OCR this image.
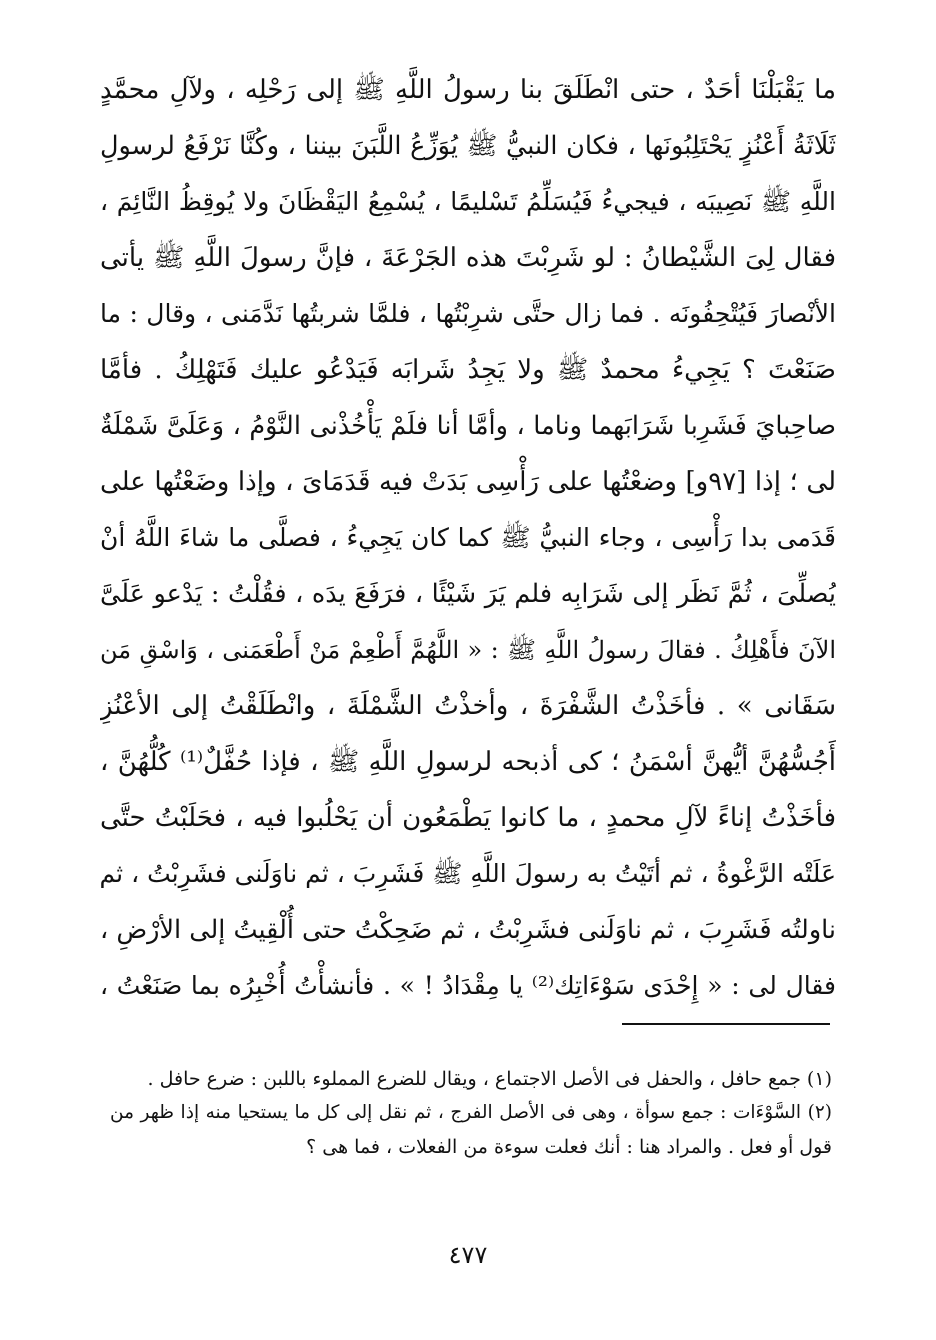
ما يَقْبَلْنَا أحَدٌ ، حتى انْطَلَقَ بنا رسولُ اللَّهِ ﷺ إلى رَحْلِه ، ولآلِ محمَّدٍ
ثَلَاثَةُ أَعْنُزٍ يَحْتَلِبُونَها ، فكان النبيُّ ﷺ يُوَزِّعُ اللَّبَنَ بيننا ، وكُنَّا نَرْفَعُ لرسولِ
اللَّهِ ﷺ نَصِيبَه ، فيجيءُ فَيُسَلِّمُ تَسْليمًا ، يُسْمِعُ اليَقْظَانَ ولا يُوقِظُ النَّائِمَ ،
فقال لِىَ الشَّيْطانُ : لو شَرِبْتَ هذه الجَرْعَةَ ، فإنَّ رسولَ اللَّهِ ﷺ يأتى
الأنْصارَ فَيُتْحِفُونَه . فما زال حتَّى شرِبْتُها ، فلمَّا شربتُها نَدَّمَنى ، وقال : ما
صَنَعْتَ ؟ يَجِيءُ محمدٌ ﷺ ولا يَجِدُ شَرابَه فَيَدْعُو عليك فَتَهْلِكُ . فأمَّا
صاحِبايَ فَشَرِبا شَرَابَهما وناما ، وأمَّا أنا فلَمْ يَأْخُذْنى النَّوْمُ ، وَعَلَىَّ شَمْلَةٌ
لى ؛ إذا [٩٧و] وضعْتُها على رَأْسِى بَدَتْ فيه قَدَمَاىَ ، وإذا وضَعْتُها على
قَدَمى بدا رَأْسِى ، وجاء النبيُّ ﷺ كما كان يَجِيءُ ، فصلَّى ما شاءَ اللَّهُ أنْ
يُصلِّىَ ، ثُمَّ نَظَر إلى شَرَابِه فلم يَرَ شَيْئًا ، فرَفَعَ يدَه ، فقُلْتُ : يَدْعو عَلَىَّ
الآنَ فأَهْلِكُ . فقالَ رسولُ اللَّهِ ﷺ : « اللَّهُمَّ أَطْعِمْ مَنْ أَطْعَمَنى ، وَاسْقِ مَن
سَقَانى » . فأخَذْتُ الشَّفْرَةَ ، وأخذْتُ الشَّمْلَةَ ، وانْطَلَقْتُ إلى الأعْنُزِ
أَجُسُّهُنَّ أيُّهنَّ أسْمَنُ ؛ كى أذبحه لرسولِ اللَّهِ ﷺ ، فإذا حُفَّلٌ⁽¹⁾ كُلُّهُنَّ ،
فأخَذْتُ إناءً لآلِ محمدٍ ، ما كانوا يَطْمَعُون أن يَحْلُبوا فيه ، فحَلَبْتُ حتَّى
عَلَتْه الرَّغْوةُ ، ثم أتَيْتُ به رسولَ اللَّهِ ﷺ فَشَرِبَ ، ثم ناوَلَنى فشَرِبْتُ ، ثم
ناولتُه فَشَرِبَ ، ثم ناوَلَنى فشَرِبْتُ ، ثم ضَحِكْتُ حتى أُلْقِيتُ إلى الأرْضِ ،
فقال لى : « إِحْدَى سَوْءَاتِك⁽²⁾ يا مِقْدَادُ ! » . فأنشأْتُ أُخْبِرُه بما صَنَعْتُ ،
(١) جمع حافل ، والحفل فى الأصل الاجتماع ، ويقال للضرع المملوء باللبن : ضرع حافل .
(٢) السَّوْءَات : جمع سوأة ، وهى فى الأصل الفرج ، ثم نقل إلى كل ما يستحيا منه إذا ظهر من
قول أو فعل . والمراد هنا : أنك فعلت سوءة من الفعلات ، فما هى ؟
٤٧٧
